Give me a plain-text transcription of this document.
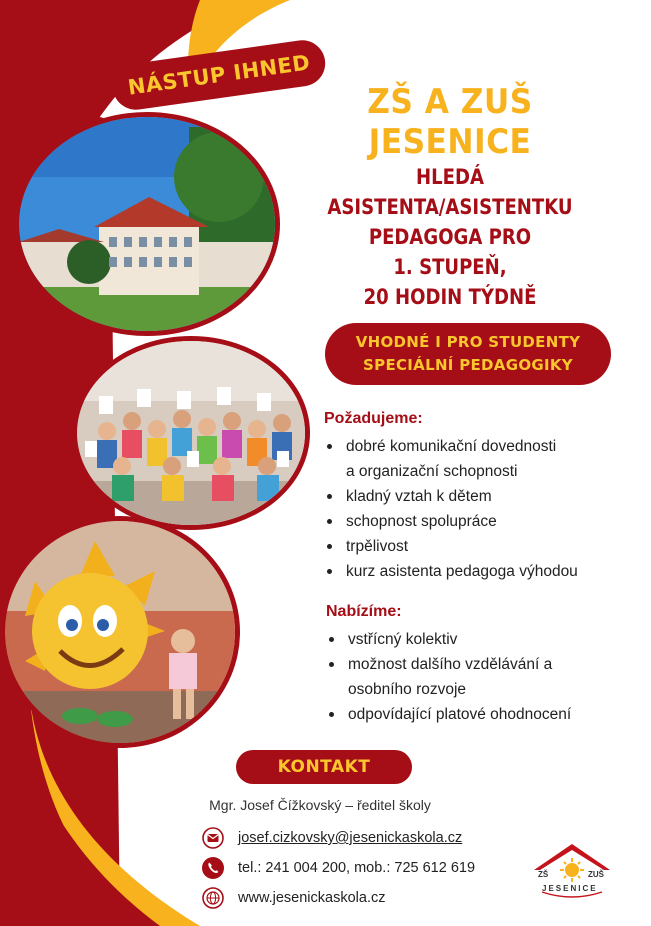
NÁSTUP IHNED
ZŠ A ZUŠ JESENICE
HLEDÁ ASISTENTA/ASISTENTKU
PEDAGOGA PRO
1. STUPEŇ,
20 HODIN TÝDNĚ
VHODNÉ I PRO STUDENTY
SPECIÁLNÍ PEDAGOGIKY
Požadujeme:
dobré komunikační dovednosti
a organizační schopnosti
kladný vztah k dětem
schopnost spolupráce
trpělivost
kurz asistenta pedagoga výhodou
Nabízíme:
vstřícný kolektiv
možnost dalšího vzdělávání a
osobního rozvoje
odpovídající platové ohodnocení
KONTAKT
Mgr. Josef Čížkovský – ředitel školy
josef.cizkovsky@jesenickaskola.cz
tel.: 241 004 200, mob.: 725 612 619
www.jesenickaskola.cz
ZŠ	ZUŠ
JESENICE
